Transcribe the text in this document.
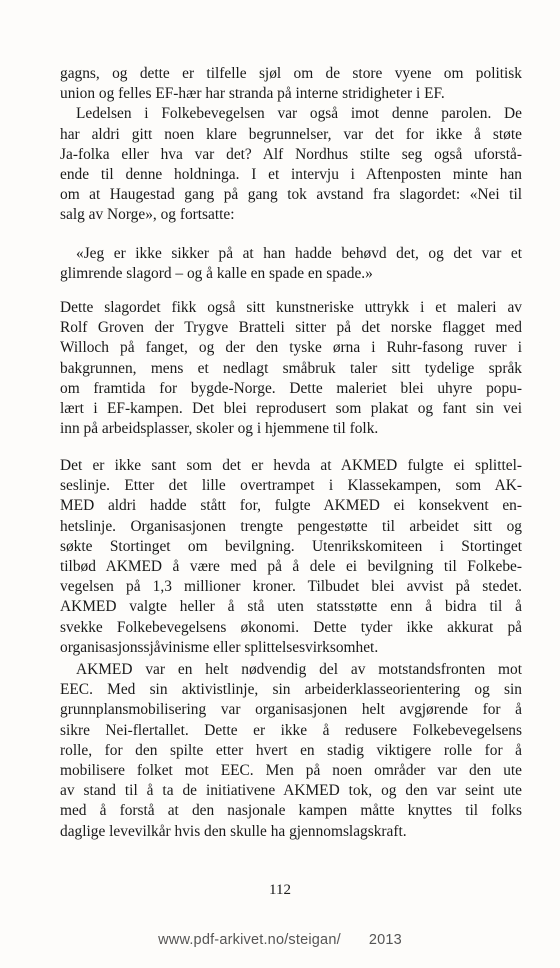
gagns, og dette er tilfelle sjøl om de store vyene om politisk
union og felles EF-hær har stranda på interne stridigheter i EF.
Ledelsen i Folkebevegelsen var også imot denne parolen. De
har aldri gitt noen klare begrunnelser, var det for ikke å støte
Ja-folka eller hva var det? Alf Nordhus stilte seg også uforstå-
ende til denne holdninga. I et intervju i Aftenposten minte han
om at Haugestad gang på gang tok avstand fra slagordet: «Nei til
salg av Norge», og fortsatte:
«Jeg er ikke sikker på at han hadde behøvd det, og det var et
glimrende slagord – og å kalle en spade en spade.»
Dette slagordet fikk også sitt kunstneriske uttrykk i et maleri av
Rolf Groven der Trygve Bratteli sitter på det norske flagget med
Willoch på fanget, og der den tyske ørna i Ruhr-fasong ruver i
bakgrunnen, mens et nedlagt småbruk taler sitt tydelige språk
om framtida for bygde-Norge. Dette maleriet blei uhyre popu-
lært i EF-kampen. Det blei reprodusert som plakat og fant sin vei
inn på arbeidsplasser, skoler og i hjemmene til folk.
Det er ikke sant som det er hevda at AKMED fulgte ei splittel-
seslinje. Etter det lille overtrampet i Klassekampen, som AK-
MED aldri hadde stått for, fulgte AKMED ei konsekvent en-
hetslinje. Organisasjonen trengte pengestøtte til arbeidet sitt og
søkte Stortinget om bevilgning. Utenrikskomiteen i Stortinget
tilbød AKMED å være med på å dele ei bevilgning til Folkebe-
vegelsen på 1,3 millioner kroner. Tilbudet blei avvist på stedet.
AKMED valgte heller å stå uten statsstøtte enn å bidra til å
svekke Folkebevegelsens økonomi. Dette tyder ikke akkurat på
organisasjonssjåvinisme eller splittelsesvirksomhet.
AKMED var en helt nødvendig del av motstandsfronten mot
EEC. Med sin aktivistlinje, sin arbeiderklasseorientering og sin
grunnplansmobilisering var organisasjonen helt avgjørende for å
sikre Nei-flertallet. Dette er ikke å redusere Folkebevegelsens
rolle, for den spilte etter hvert en stadig viktigere rolle for å
mobilisere folket mot EEC. Men på noen områder var den ute
av stand til å ta de initiativene AKMED tok, og den var seint ute
med å forstå at den nasjonale kampen måtte knyttes til folks
daglige levevilkår hvis den skulle ha gjennomslagskraft.
112
www.pdf-arkivet.no/steigan/ 2013
